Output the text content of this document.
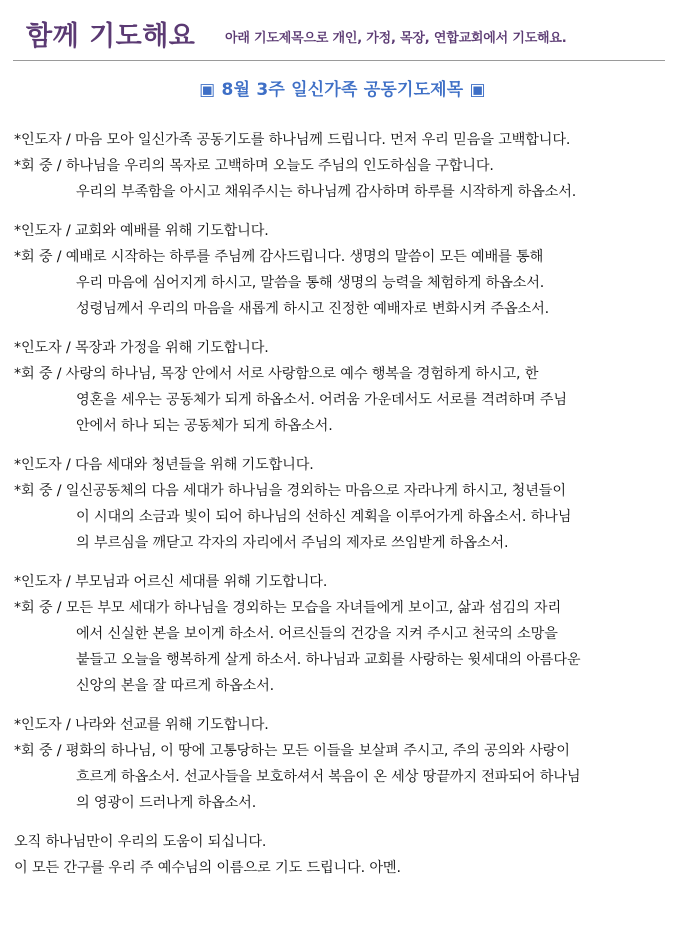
함께 기도해요 아래 기도제목으로 개인, 가정, 목장, 연합교회에서 기도해요.
▣ 8월 3주 일신가족 공동기도제목 ▣
*인도자 / 마음 모아 일신가족 공동기도를 하나님께 드립니다. 먼저 우리 믿음을 고백합니다.
*회 중 / 하나님을 우리의 목자로 고백하며 오늘도 주님의 인도하심을 구합니다.
우리의 부족함을 아시고 채워주시는 하나님께 감사하며 하루를 시작하게 하옵소서.
*인도자 / 교회와 예배를 위해 기도합니다.
*회 중 / 예배로 시작하는 하루를 주님께 감사드립니다. 생명의 말씀이 모든 예배를 통해
우리 마음에 심어지게 하시고, 말씀을 통해 생명의 능력을 체험하게 하옵소서.
성령님께서 우리의 마음을 새롭게 하시고 진정한 예배자로 변화시켜 주옵소서.
*인도자 / 목장과 가정을 위해 기도합니다.
*회 중 / 사랑의 하나님, 목장 안에서 서로 사랑함으로 예수 행복을 경험하게 하시고, 한
영혼을 세우는 공동체가 되게 하옵소서. 어려움 가운데서도 서로를 격려하며 주님
안에서 하나 되는 공동체가 되게 하옵소서.
*인도자 / 다음 세대와 청년들을 위해 기도합니다.
*회 중 / 일신공동체의 다음 세대가 하나님을 경외하는 마음으로 자라나게 하시고, 청년들이
이 시대의 소금과 빛이 되어 하나님의 선하신 계획을 이루어가게 하옵소서. 하나님
의 부르심을 깨닫고 각자의 자리에서 주님의 제자로 쓰임받게 하옵소서.
*인도자 / 부모님과 어르신 세대를 위해 기도합니다.
*회 중 / 모든 부모 세대가 하나님을 경외하는 모습을 자녀들에게 보이고, 삶과 섬김의 자리
에서 신실한 본을 보이게 하소서. 어르신들의 건강을 지켜 주시고 천국의 소망을
붙들고 오늘을 행복하게 살게 하소서. 하나님과 교회를 사랑하는 윗세대의 아름다운
신앙의 본을 잘 따르게 하옵소서.
*인도자 / 나라와 선교를 위해 기도합니다.
*회 중 / 평화의 하나님, 이 땅에 고통당하는 모든 이들을 보살펴 주시고, 주의 공의와 사랑이
흐르게 하옵소서. 선교사들을 보호하셔서 복음이 온 세상 땅끝까지 전파되어 하나님
의 영광이 드러나게 하옵소서.
오직 하나님만이 우리의 도움이 되십니다.
이 모든 간구를 우리 주 예수님의 이름으로 기도 드립니다. 아멘.
